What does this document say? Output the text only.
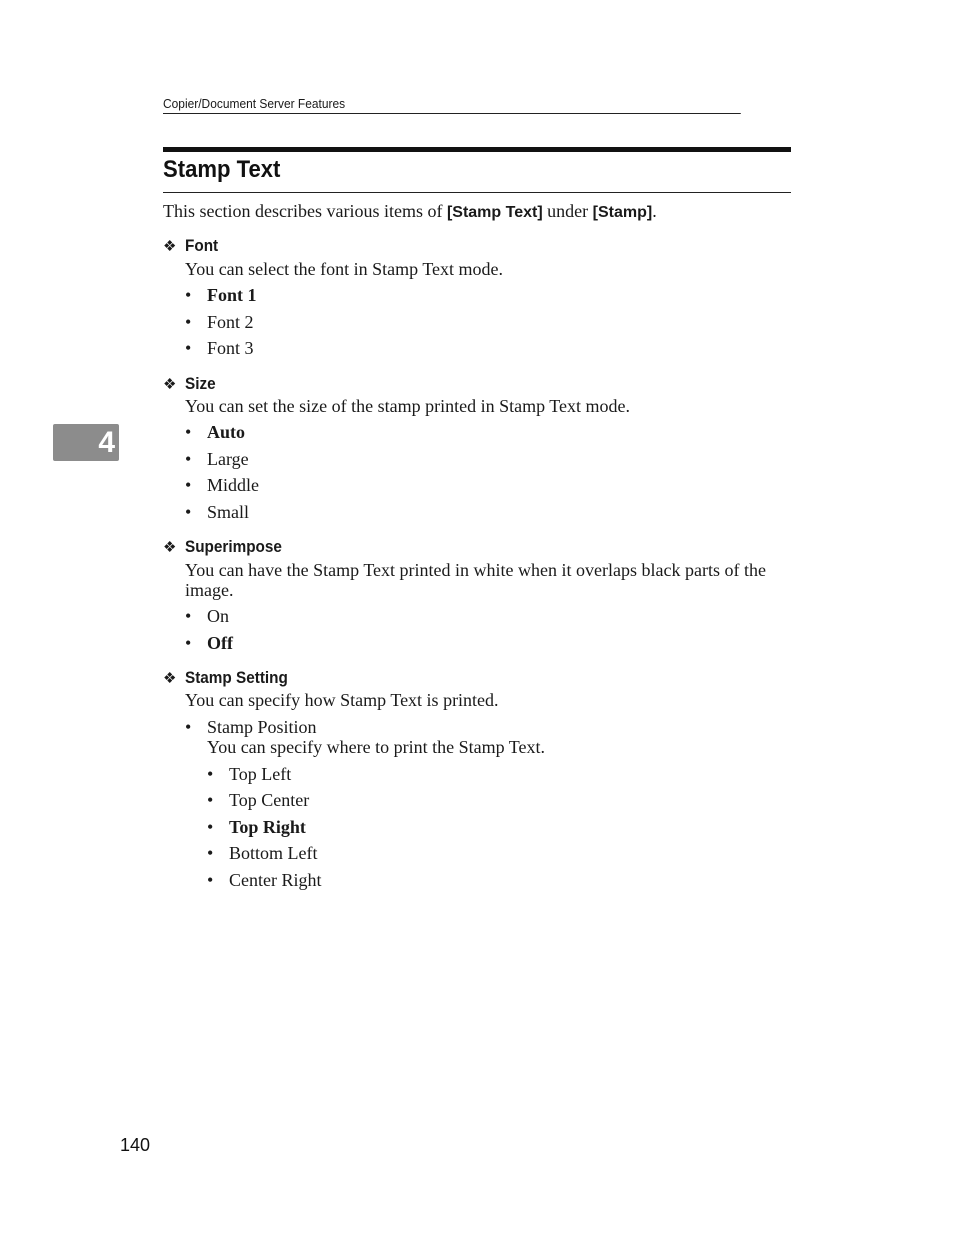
Copier/Document Server Features
Stamp Text
This section describes various items of [Stamp Text] under [Stamp].
❖ Font
You can select the font in Stamp Text mode.
• Font 1
• Font 2
• Font 3
❖ Size
You can set the size of the stamp printed in Stamp Text mode.
• Auto
• Large
• Middle
• Small
4
❖ Superimpose
You can have the Stamp Text printed in white when it overlaps black parts of the image.
• On
• Off
❖ Stamp Setting
You can specify how Stamp Text is printed.
• Stamp Position
You can specify where to print the Stamp Text.
• Top Left
• Top Center
• Top Right
• Bottom Left
• Center Right
140
